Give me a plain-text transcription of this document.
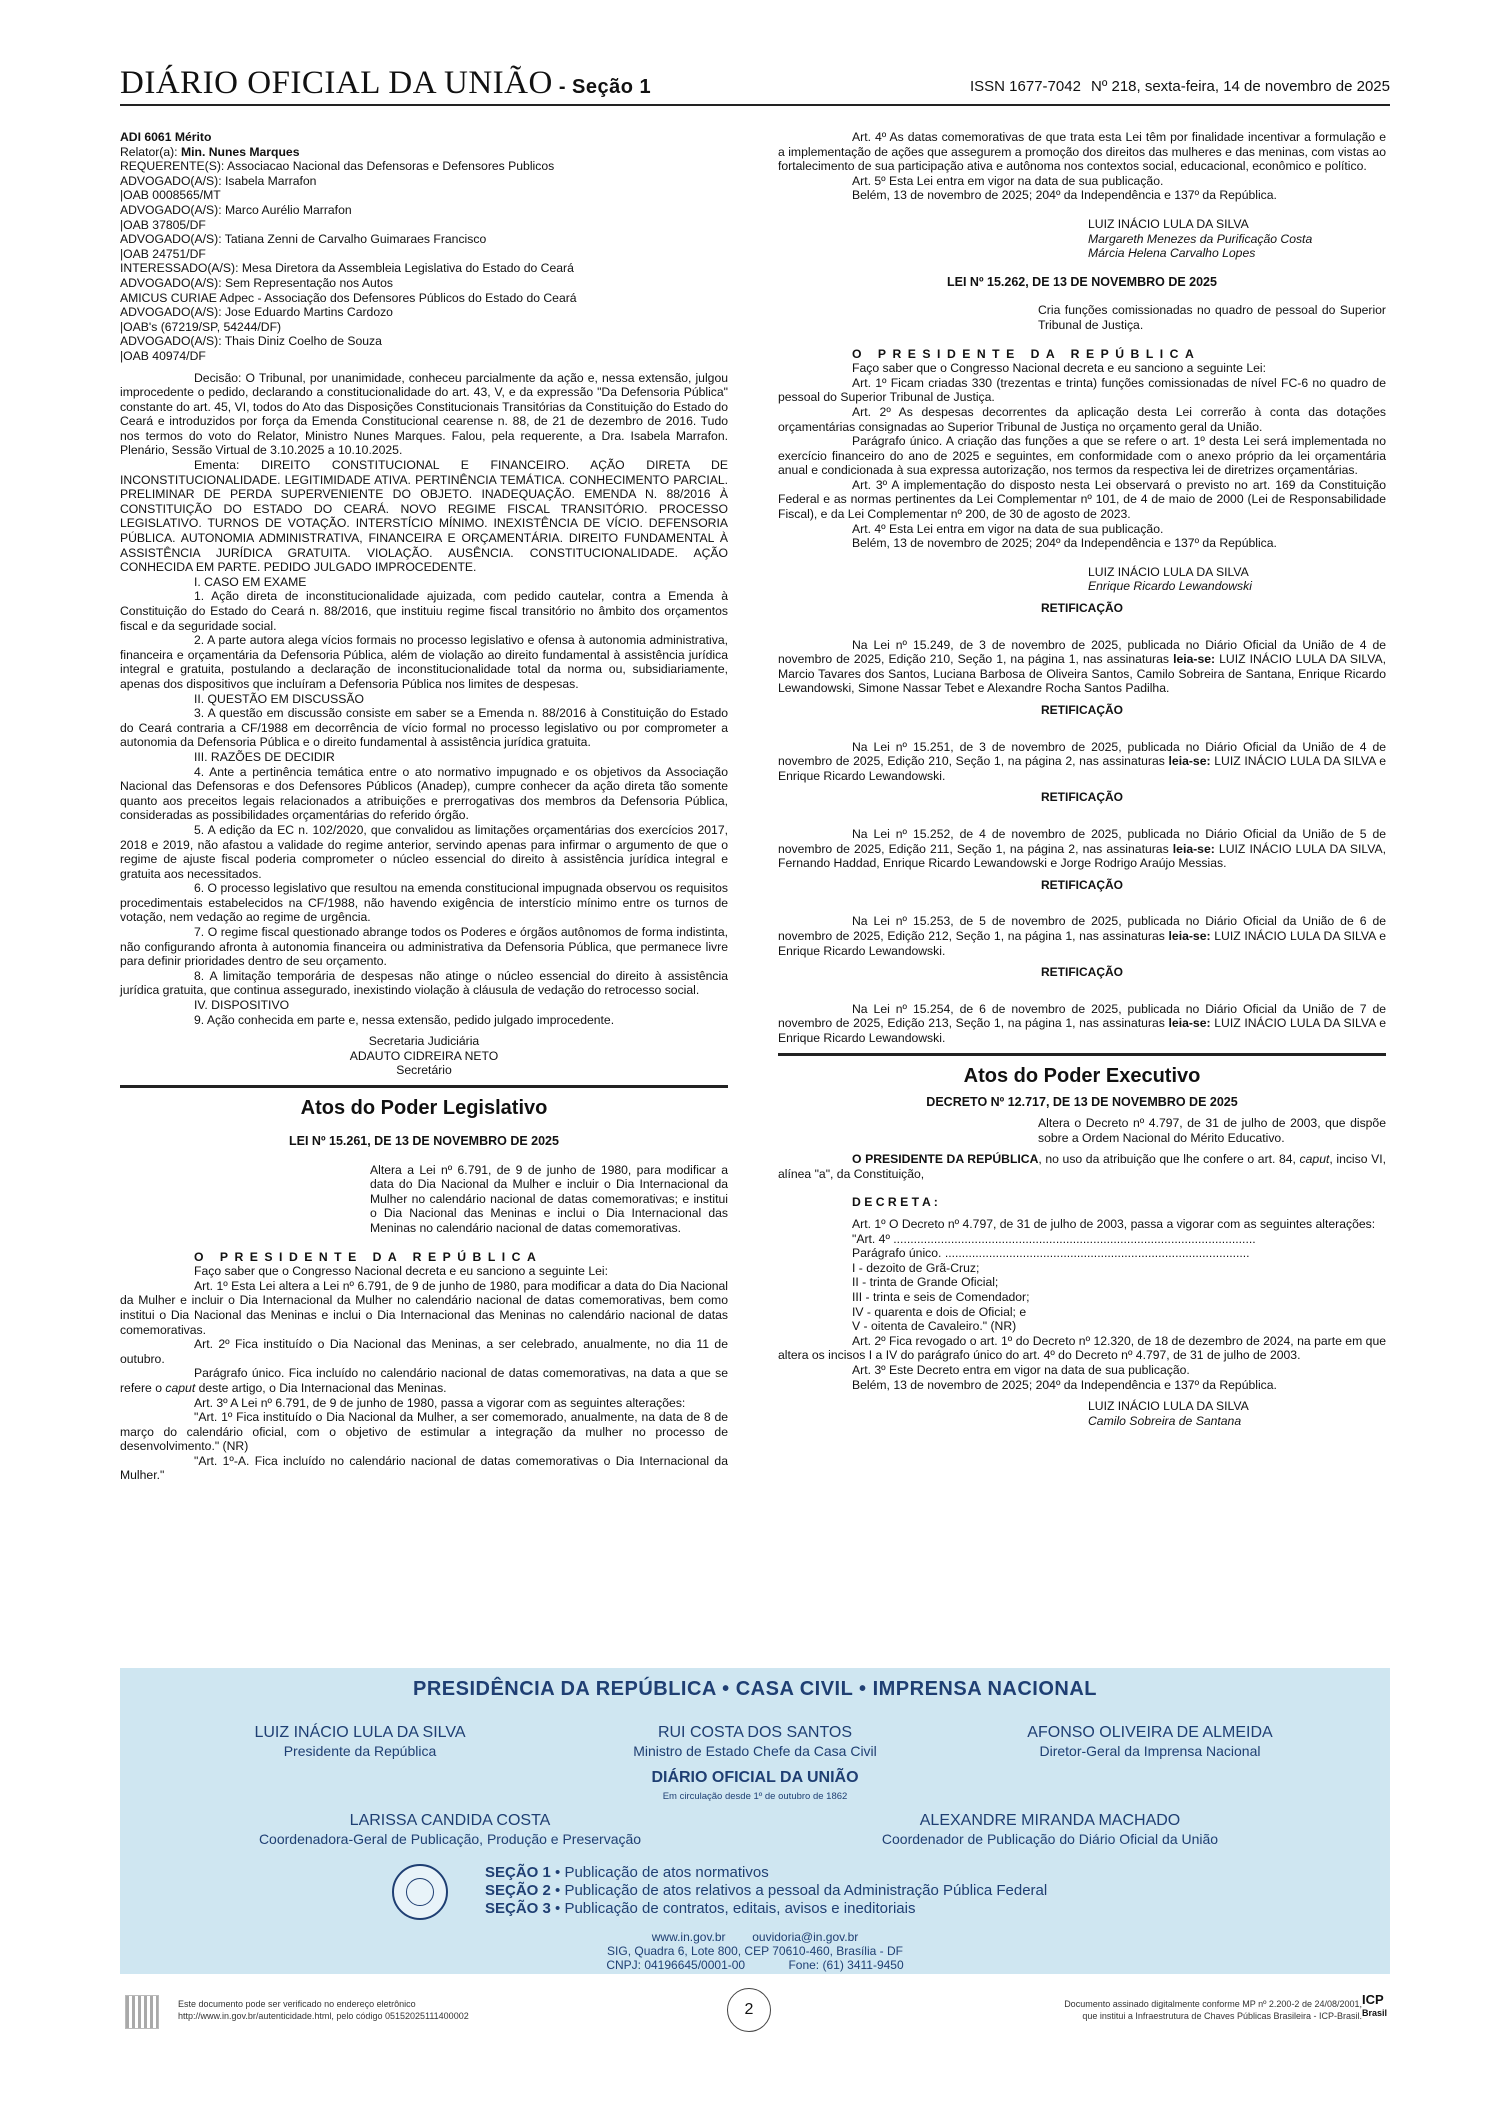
DIÁRIO OFICIAL DA UNIÃO - Seção 1	ISSN 1677-7042 Nº 218, sexta-feira, 14 de novembro de 2025

ADI 6061 Mérito

Relator(a): Min. Nunes Marques

REQUERENTE(S): Associacao Nacional das Defensoras e Defensores Publicos

ADVOGADO(A/S): Isabela Marrafon

|OAB 0008565/MT

ADVOGADO(A/S): Marco Aurélio Marrafon

|OAB 37805/DF

ADVOGADO(A/S): Tatiana Zenni de Carvalho Guimaraes Francisco

|OAB 24751/DF

INTERESSADO(A/S): Mesa Diretora da Assembleia Legislativa do Estado do Ceará

ADVOGADO(A/S): Sem Representação nos Autos

AMICUS CURIAE Adpec - Associação dos Defensores Públicos do Estado do Ceará

ADVOGADO(A/S): Jose Eduardo Martins Cardozo

|OAB's (67219/SP, 54244/DF)

ADVOGADO(A/S): Thais Diniz Coelho de Souza

|OAB 40974/DF

Decisão: O Tribunal, por unanimidade, conheceu parcialmente da ação e, nessa extensão, julgou improcedente o pedido, declarando a constitucionalidade do art. 43, V, e da expressão "Da Defensoria Pública" constante do art. 45, VI, todos do Ato das Disposições Constitucionais Transitórias da Constituição do Estado do Ceará e introduzidos por força da Emenda Constitucional cearense n. 88, de 21 de dezembro de 2016. Tudo nos termos do voto do Relator, Ministro Nunes Marques. Falou, pela requerente, a Dra. Isabela Marrafon. Plenário, Sessão Virtual de 3.10.2025 a 10.10.2025.

Ementa: DIREITO CONSTITUCIONAL E FINANCEIRO. AÇÃO DIRETA DE INCONSTITUCIONALIDADE. LEGITIMIDADE ATIVA. PERTINÊNCIA TEMÁTICA. CONHECIMENTO PARCIAL. PRELIMINAR DE PERDA SUPERVENIENTE DO OBJETO. INADEQUAÇÃO. EMENDA N. 88/2016 À CONSTITUIÇÃO DO ESTADO DO CEARÁ. NOVO REGIME FISCAL TRANSITÓRIO. PROCESSO LEGISLATIVO. TURNOS DE VOTAÇÃO. INTERSTÍCIO MÍNIMO. INEXISTÊNCIA DE VÍCIO. DEFENSORIA PÚBLICA. AUTONOMIA ADMINISTRATIVA, FINANCEIRA E ORÇAMENTÁRIA. DIREITO FUNDAMENTAL À ASSISTÊNCIA JURÍDICA GRATUITA. VIOLAÇÃO. AUSÊNCIA. CONSTITUCIONALIDADE. AÇÃO CONHECIDA EM PARTE. PEDIDO JULGADO IMPROCEDENTE.

I. CASO EM EXAME

1. Ação direta de inconstitucionalidade ajuizada, com pedido cautelar, contra a Emenda à Constituição do Estado do Ceará n. 88/2016, que instituiu regime fiscal transitório no âmbito dos orçamentos fiscal e da seguridade social.

2. A parte autora alega vícios formais no processo legislativo e ofensa à autonomia administrativa, financeira e orçamentária da Defensoria Pública, além de violação ao direito fundamental à assistência jurídica integral e gratuita, postulando a declaração de inconstitucionalidade total da norma ou, subsidiariamente, apenas dos dispositivos que incluíram a Defensoria Pública nos limites de despesas.

II. QUESTÃO EM DISCUSSÃO

3. A questão em discussão consiste em saber se a Emenda n. 88/2016 à Constituição do Estado do Ceará contraria a CF/1988 em decorrência de vício formal no processo legislativo ou por comprometer a autonomia da Defensoria Pública e o direito fundamental à assistência jurídica gratuita.

III. RAZÕES DE DECIDIR

4. Ante a pertinência temática entre o ato normativo impugnado e os objetivos da Associação Nacional das Defensoras e dos Defensores Públicos (Anadep), cumpre conhecer da ação direta tão somente quanto aos preceitos legais relacionados a atribuições e prerrogativas dos membros da Defensoria Pública, consideradas as possibilidades orçamentárias do referido órgão.

5. A edição da EC n. 102/2020, que convalidou as limitações orçamentárias dos exercícios 2017, 2018 e 2019, não afastou a validade do regime anterior, servindo apenas para infirmar o argumento de que o regime de ajuste fiscal poderia comprometer o núcleo essencial do direito à assistência jurídica integral e gratuita aos necessitados.

6. O processo legislativo que resultou na emenda constitucional impugnada observou os requisitos procedimentais estabelecidos na CF/1988, não havendo exigência de interstício mínimo entre os turnos de votação, nem vedação ao regime de urgência.

7. O regime fiscal questionado abrange todos os Poderes e órgãos autônomos de forma indistinta, não configurando afronta à autonomia financeira ou administrativa da Defensoria Pública, que permanece livre para definir prioridades dentro de seu orçamento.

8. A limitação temporária de despesas não atinge o núcleo essencial do direito à assistência jurídica gratuita, que continua assegurado, inexistindo violação à cláusula de vedação do retrocesso social.

IV. DISPOSITIVO

9. Ação conhecida em parte e, nessa extensão, pedido julgado improcedente.

Secretaria Judiciária

ADAUTO CIDREIRA NETO

Secretário

Atos do Poder Legislativo

LEI Nº 15.261, DE 13 DE NOVEMBRO DE 2025

Altera a Lei nº 6.791, de 9 de junho de 1980, para modificar a data do Dia Nacional da Mulher e incluir o Dia Internacional da Mulher no calendário nacional de datas comemorativas; e institui o Dia Nacional das Meninas e inclui o Dia Internacional das Meninas no calendário nacional de datas comemorativas.

O PRESIDENTE DA REPÚBLICA

Faço saber que o Congresso Nacional decreta e eu sanciono a seguinte Lei:

Art. 1º Esta Lei altera a Lei nº 6.791, de 9 de junho de 1980, para modificar a data do Dia Nacional da Mulher e incluir o Dia Internacional da Mulher no calendário nacional de datas comemorativas, bem como institui o Dia Nacional das Meninas e inclui o Dia Internacional das Meninas no calendário nacional de datas comemorativas.

Art. 2º Fica instituído o Dia Nacional das Meninas, a ser celebrado, anualmente, no dia 11 de outubro.

Parágrafo único. Fica incluído no calendário nacional de datas comemorativas, na data a que se refere o caput deste artigo, o Dia Internacional das Meninas.

Art. 3º A Lei nº 6.791, de 9 de junho de 1980, passa a vigorar com as seguintes alterações:

"Art. 1º Fica instituído o Dia Nacional da Mulher, a ser comemorado, anualmente, na data de 8 de março do calendário oficial, com o objetivo de estimular a integração da mulher no processo de desenvolvimento." (NR)

"Art. 1º-A. Fica incluído no calendário nacional de datas comemorativas o Dia Internacional da Mulher."

Art. 4º As datas comemorativas de que trata esta Lei têm por finalidade incentivar a formulação e a implementação de ações que assegurem a promoção dos direitos das mulheres e das meninas, com vistas ao fortalecimento de sua participação ativa e autônoma nos contextos social, educacional, econômico e político.

Art. 5º Esta Lei entra em vigor na data de sua publicação.

Belém, 13 de novembro de 2025; 204º da Independência e 137º da República.

LUIZ INÁCIO LULA DA SILVA

Margareth Menezes da Purificação Costa

Márcia Helena Carvalho Lopes

LEI Nº 15.262, DE 13 DE NOVEMBRO DE 2025

Cria funções comissionadas no quadro de pessoal do Superior Tribunal de Justiça.

O PRESIDENTE DA REPÚBLICA

Faço saber que o Congresso Nacional decreta e eu sanciono a seguinte Lei:

Art. 1º Ficam criadas 330 (trezentas e trinta) funções comissionadas de nível FC-6 no quadro de pessoal do Superior Tribunal de Justiça.

Art. 2º As despesas decorrentes da aplicação desta Lei correrão à conta das dotações orçamentárias consignadas ao Superior Tribunal de Justiça no orçamento geral da União.

Parágrafo único. A criação das funções a que se refere o art. 1º desta Lei será implementada no exercício financeiro do ano de 2025 e seguintes, em conformidade com o anexo próprio da lei orçamentária anual e condicionada à sua expressa autorização, nos termos da respectiva lei de diretrizes orçamentárias.

Art. 3º A implementação do disposto nesta Lei observará o previsto no art. 169 da Constituição Federal e as normas pertinentes da Lei Complementar nº 101, de 4 de maio de 2000 (Lei de Responsabilidade Fiscal), e da Lei Complementar nº 200, de 30 de agosto de 2023.

Art. 4º Esta Lei entra em vigor na data de sua publicação.

Belém, 13 de novembro de 2025; 204º da Independência e 137º da República.

LUIZ INÁCIO LULA DA SILVA

Enrique Ricardo Lewandowski

RETIFICAÇÃO

Na Lei nº 15.249, de 3 de novembro de 2025, publicada no Diário Oficial da União de 4 de novembro de 2025, Edição 210, Seção 1, na página 1, nas assinaturas leia-se: LUIZ INÁCIO LULA DA SILVA, Marcio Tavares dos Santos, Luciana Barbosa de Oliveira Santos, Camilo Sobreira de Santana, Enrique Ricardo Lewandowski, Simone Nassar Tebet e Alexandre Rocha Santos Padilha.

RETIFICAÇÃO

Na Lei nº 15.251, de 3 de novembro de 2025, publicada no Diário Oficial da União de 4 de novembro de 2025, Edição 210, Seção 1, na página 2, nas assinaturas leia-se: LUIZ INÁCIO LULA DA SILVA e Enrique Ricardo Lewandowski.

RETIFICAÇÃO

Na Lei nº 15.252, de 4 de novembro de 2025, publicada no Diário Oficial da União de 5 de novembro de 2025, Edição 211, Seção 1, na página 2, nas assinaturas leia-se: LUIZ INÁCIO LULA DA SILVA, Fernando Haddad, Enrique Ricardo Lewandowski e Jorge Rodrigo Araújo Messias.

RETIFICAÇÃO

Na Lei nº 15.253, de 5 de novembro de 2025, publicada no Diário Oficial da União de 6 de novembro de 2025, Edição 212, Seção 1, na página 1, nas assinaturas leia-se: LUIZ INÁCIO LULA DA SILVA e Enrique Ricardo Lewandowski.

RETIFICAÇÃO

Na Lei nº 15.254, de 6 de novembro de 2025, publicada no Diário Oficial da União de 7 de novembro de 2025, Edição 213, Seção 1, na página 1, nas assinaturas leia-se: LUIZ INÁCIO LULA DA SILVA e Enrique Ricardo Lewandowski.

Atos do Poder Executivo

DECRETO Nº 12.717, DE 13 DE NOVEMBRO DE 2025

Altera o Decreto nº 4.797, de 31 de julho de 2003, que dispõe sobre a Ordem Nacional do Mérito Educativo.

O PRESIDENTE DA REPÚBLICA, no uso da atribuição que lhe confere o art. 84, caput, inciso VI, alínea "a", da Constituição,

D E C R E T A :

Art. 1º O Decreto nº 4.797, de 31 de julho de 2003, passa a vigorar com as seguintes alterações:

"Art. 4º ...........................................................................................................

Parágrafo único. ..........................................................................................

I - dezoito de Grã-Cruz;

II - trinta de Grande Oficial;

III - trinta e seis de Comendador;

IV - quarenta e dois de Oficial; e

V - oitenta de Cavaleiro." (NR)

Art. 2º Fica revogado o art. 1º do Decreto nº 12.320, de 18 de dezembro de 2024, na parte em que altera os incisos I a IV do parágrafo único do art. 4º do Decreto nº 4.797, de 31 de julho de 2003.

Art. 3º Este Decreto entra em vigor na data de sua publicação.

Belém, 13 de novembro de 2025; 204º da Independência e 137º da República.

LUIZ INÁCIO LULA DA SILVA

Camilo Sobreira de Santana

PRESIDÊNCIA DA REPÚBLICA • CASA CIVIL • IMPRENSA NACIONAL
LUIZ INÁCIO LULA DA SILVA
Presidente da República
RUI COSTA DOS SANTOS
Ministro de Estado Chefe da Casa Civil
AFONSO OLIVEIRA DE ALMEIDA
Diretor-Geral da Imprensa Nacional
DIÁRIO OFICIAL DA UNIÃO
Em circulação desde 1º de outubro de 1862
LARISSA CANDIDA COSTA
Coordenadora-Geral de Publicação, Produção e Preservação
ALEXANDRE MIRANDA MACHADO
Coordenador de Publicação do Diário Oficial da União
SEÇÃO 1 • Publicação de atos normativos
SEÇÃO 2 • Publicação de atos relativos a pessoal da Administração Pública Federal
SEÇÃO 3 • Publicação de contratos, editais, avisos e ineditoriais
www.in.gov.br ouvidoria@in.gov.br
SIG, Quadra 6, Lote 800, CEP 70610-460, Brasília - DF
CNPJ: 04196645/0001-00	Fone: (61) 3411-9450

Este documento pode ser verificado no endereço eletrônico

http://www.in.gov.br/autenticidade.html, pelo código 05152025111400002	2	Documento assinado digitalmente conforme MP nº 2.200-2 de 24/08/2001,

que institui a Infraestrutura de Chaves Públicas Brasileira - ICP-Brasil.

ICP
Brasil
